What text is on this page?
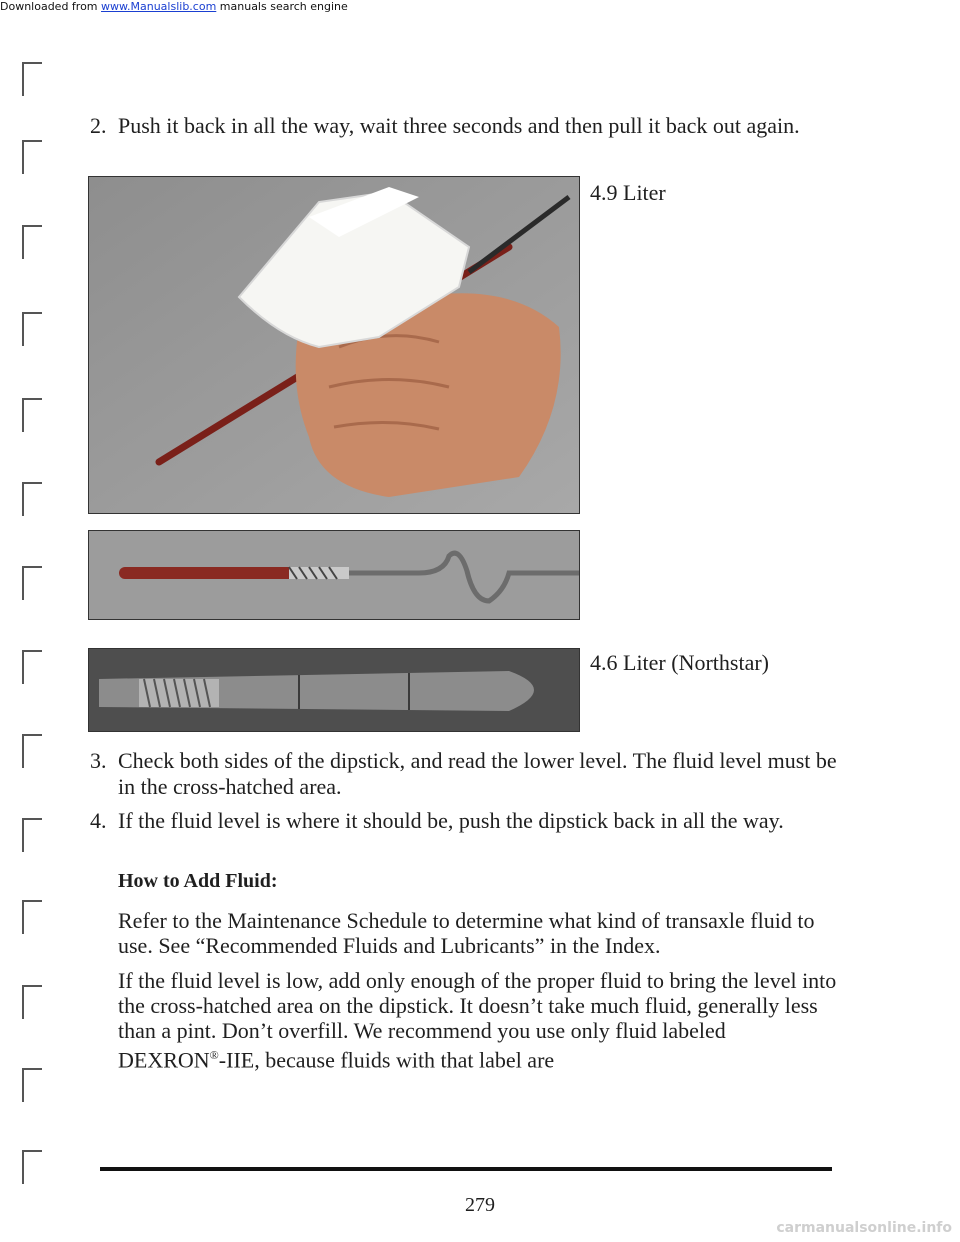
Downloaded from www.Manualslib.com manuals search engine
2. Push it back in all the way, wait three seconds and then pull it back out again.
4.9 Liter
4.6 Liter (Northstar)
3. Check both sides of the dipstick, and read the lower level. The fluid level must be in the cross-hatched area.
4. If the fluid level is where it should be, push the dipstick back in all the way.
How to Add Fluid:
Refer to the Maintenance Schedule to determine what kind of transaxle fluid to use. See “Recommended Fluids and Lubricants” in the Index.
If the fluid level is low, add only enough of the proper fluid to bring the level into the cross-hatched area on the dipstick. It doesn’t take much fluid, generally less than a pint. Don’t overfill. We recommend you use only fluid labeled DEXRON®-IIE, because fluids with that label are
279
carmanualsonline.info
